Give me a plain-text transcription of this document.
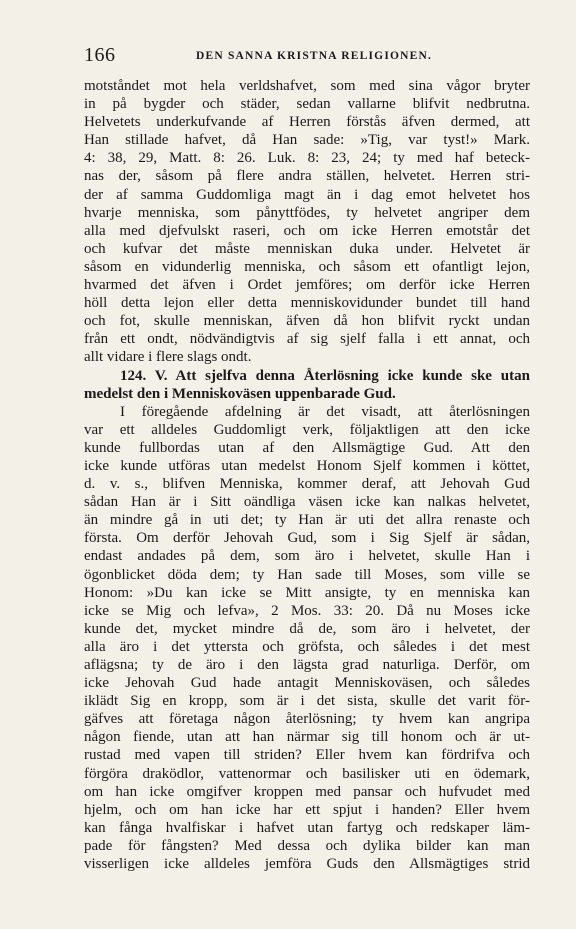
166	DEN SANNA KRISTNA RELIGIONEN.
motståndet mot hela verldshafvet, som med sina vågor bryter
in på bygder och städer, sedan vallarne blifvit nedbrutna.
Helvetets underkufvande af Herren förstås äfven dermed, att
Han stillade hafvet, då Han sade: »Tig, var tyst!» Mark.
4: 38, 29, Matt. 8: 26. Luk. 8: 23, 24; ty med haf beteck-
nas der, såsom på flere andra ställen, helvetet. Herren stri-
der af samma Guddomliga magt än i dag emot helvetet hos
hvarje menniska, som pånyttfödes, ty helvetet angriper dem
alla med djefvulskt raseri, och om icke Herren emotstår det
och kufvar det måste menniskan duka under. Helvetet är
såsom en vidunderlig menniska, och såsom ett ofantligt lejon,
hvarmed det äfven i Ordet jemföres; om derför icke Herren
höll detta lejon eller detta menniskovidunder bundet till hand
och fot, skulle menniskan, äfven då hon blifvit ryckt undan
från ett ondt, nödvändigtvis af sig sjelf falla i ett annat, och
allt vidare i flere slags ondt.
124. V. Att sjelfva denna Återlösning icke kunde ske utan
medelst den i Menniskoväsen uppenbarade Gud.
I föregående afdelning är det visadt, att återlösningen
var ett alldeles Guddomligt verk, följaktligen att den icke
kunde fullbordas utan af den Allsmägtige Gud. Att den
icke kunde utföras utan medelst Honom Sjelf kommen i köttet,
d. v. s., blifven Menniska, kommer deraf, att Jehovah Gud
sådan Han är i Sitt oändliga väsen icke kan nalkas helvetet,
än mindre gå in uti det; ty Han är uti det allra renaste och
första. Om derför Jehovah Gud, som i Sig Sjelf är sådan,
endast andades på dem, som äro i helvetet, skulle Han i
ögonblicket döda dem; ty Han sade till Moses, som ville se
Honom: »Du kan icke se Mitt ansigte, ty en menniska kan
icke se Mig och lefva», 2 Mos. 33: 20. Då nu Moses icke
kunde det, mycket mindre då de, som äro i helvetet, der
alla äro i det yttersta och gröfsta, och således i det mest
aflägsna; ty de äro i den lägsta grad naturliga. Derför, om
icke Jehovah Gud hade antagit Menniskoväsen, och således
iklädt Sig en kropp, som är i det sista, skulle det varit för-
gäfves att företaga någon återlösning; ty hvem kan angripa
någon fiende, utan att han närmar sig till honom och är ut-
rustad med vapen till striden? Eller hvem kan fördrifva och
förgöra draködlor, vattenormar och basilisker uti en ödemark,
om han icke omgifver kroppen med pansar och hufvudet med
hjelm, och om han icke har ett spjut i handen? Eller hvem
kan fånga hvalfiskar i hafvet utan fartyg och redskaper läm-
pade för fångsten? Med dessa och dylika bilder kan man
visserligen icke alldeles jemföra Guds den Allsmägtiges strid
